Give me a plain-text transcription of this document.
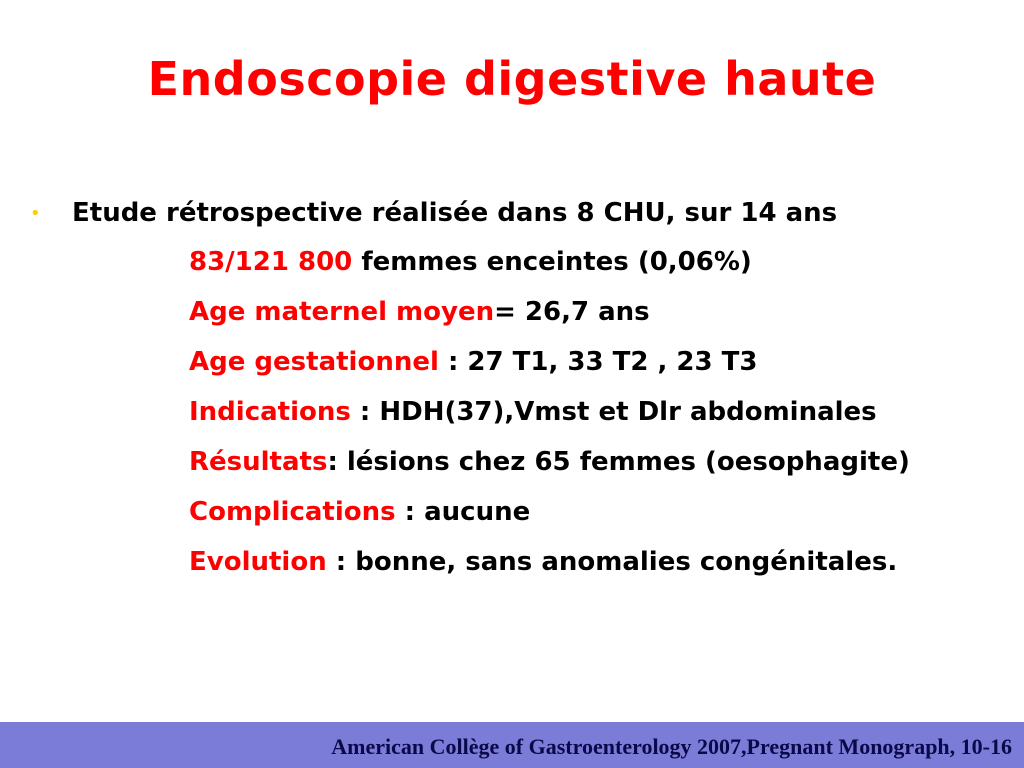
Endoscopie digestive haute
• Etude rétrospective réalisée dans 8 CHU, sur 14 ans
83/121 800 femmes enceintes (0,06%)
Age maternel moyen= 26,7 ans
Age gestationnel : 27 T1, 33 T2 , 23 T3
Indications : HDH(37),Vmst et Dlr abdominales
Résultats: lésions chez 65 femmes (oesophagite)
Complications : aucune
Evolution : bonne, sans anomalies congénitales.
American Collège of Gastroenterology 2007,Pregnant Monograph, 10-16
